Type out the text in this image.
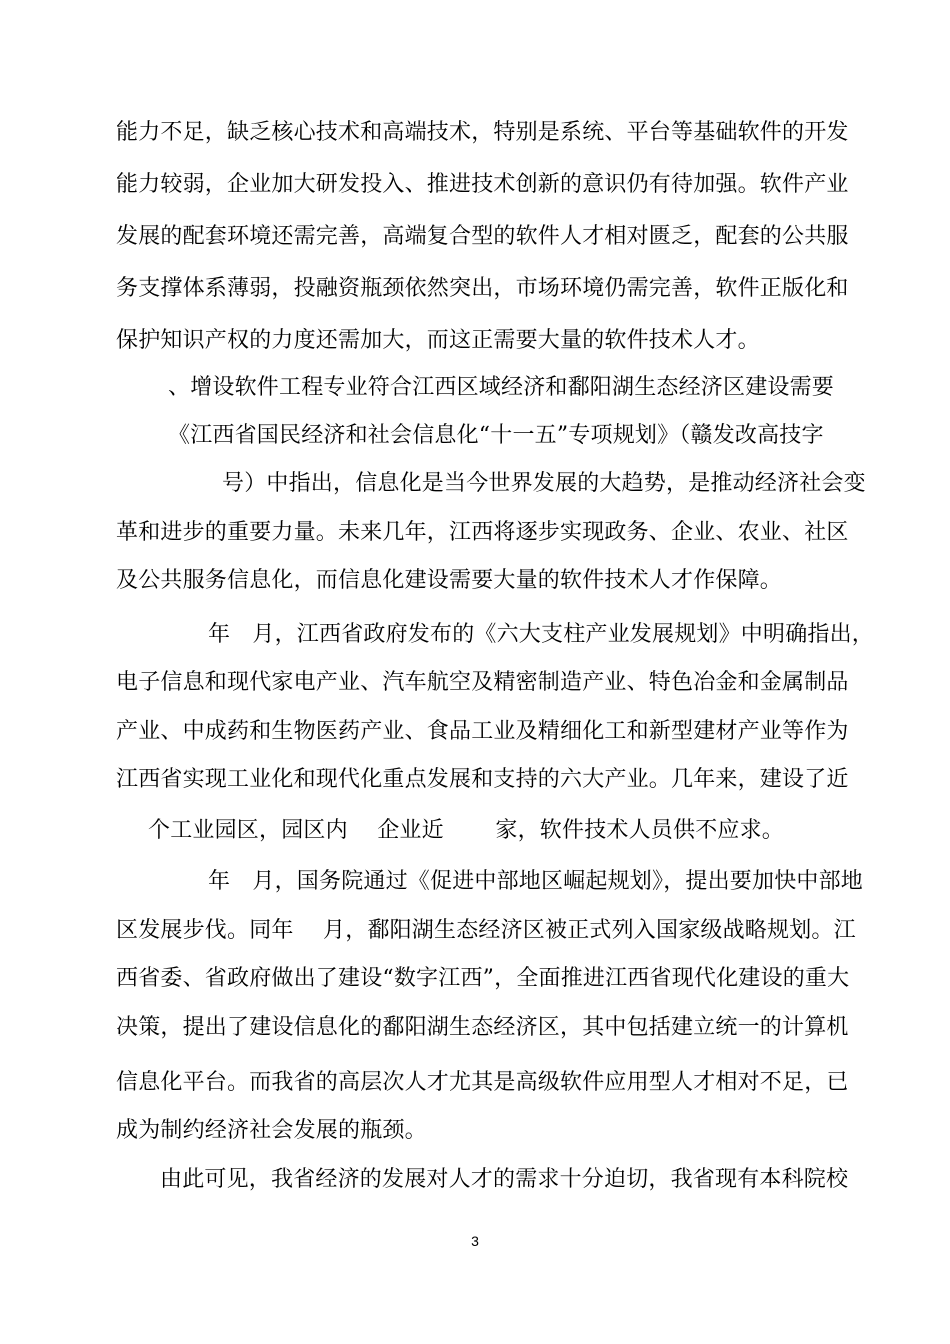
能力不足，缺乏核心技术和高端技术，特别是系统、平台等基础软件的开发
能力较弱，企业加大研发投入、推进技术创新的意识仍有待加强。软件产业
发展的配套环境还需完善，高端复合型的软件人才相对匮乏，配套的公共服
务支撑体系薄弱，投融资瓶颈依然突出，市场环境仍需完善，软件正版化和
保护知识产权的力度还需加大，而这正需要大量的软件技术人才。
、增设软件工程专业符合江西区域经济和鄱阳湖生态经济区建设需要
《江西省国民经济和社会信息化“十一五”专项规划》（赣发改高技字
号）中指出，信息化是当今世界发展的大趋势，是推动经济社会变
革和进步的重要力量。未来几年，江西将逐步实现政务、企业、农业、社区
及公共服务信息化，而信息化建设需要大量的软件技术人才作保障。
年　月，江西省政府发布的《六大支柱产业发展规划》中明确指出，
电子信息和现代家电产业、汽车航空及精密制造产业、特色冶金和金属制品
产业、中成药和生物医药产业、食品工业及精细化工和新型建材产业等作为
江西省实现工业化和现代化重点发展和支持的六大产业。几年来，建设了近
个工业园区，园区内　 企业近　　 家，软件技术人员供不应求。
年　月，国务院通过《促进中部地区崛起规划》，提出要加快中部地
区发展步伐。同年　 月，鄱阳湖生态经济区被正式列入国家级战略规划。江
西省委、省政府做出了建设“数字江西”，全面推进江西省现代化建设的重大
决策，提出了建设信息化的鄱阳湖生态经济区，其中包括建立统一的计算机
信息化平台。而我省的高层次人才尤其是高级软件应用型人才相对不足，已
成为制约经济社会发展的瓶颈。
由此可见，我省经济的发展对人才的需求十分迫切，我省现有本科院校
3
